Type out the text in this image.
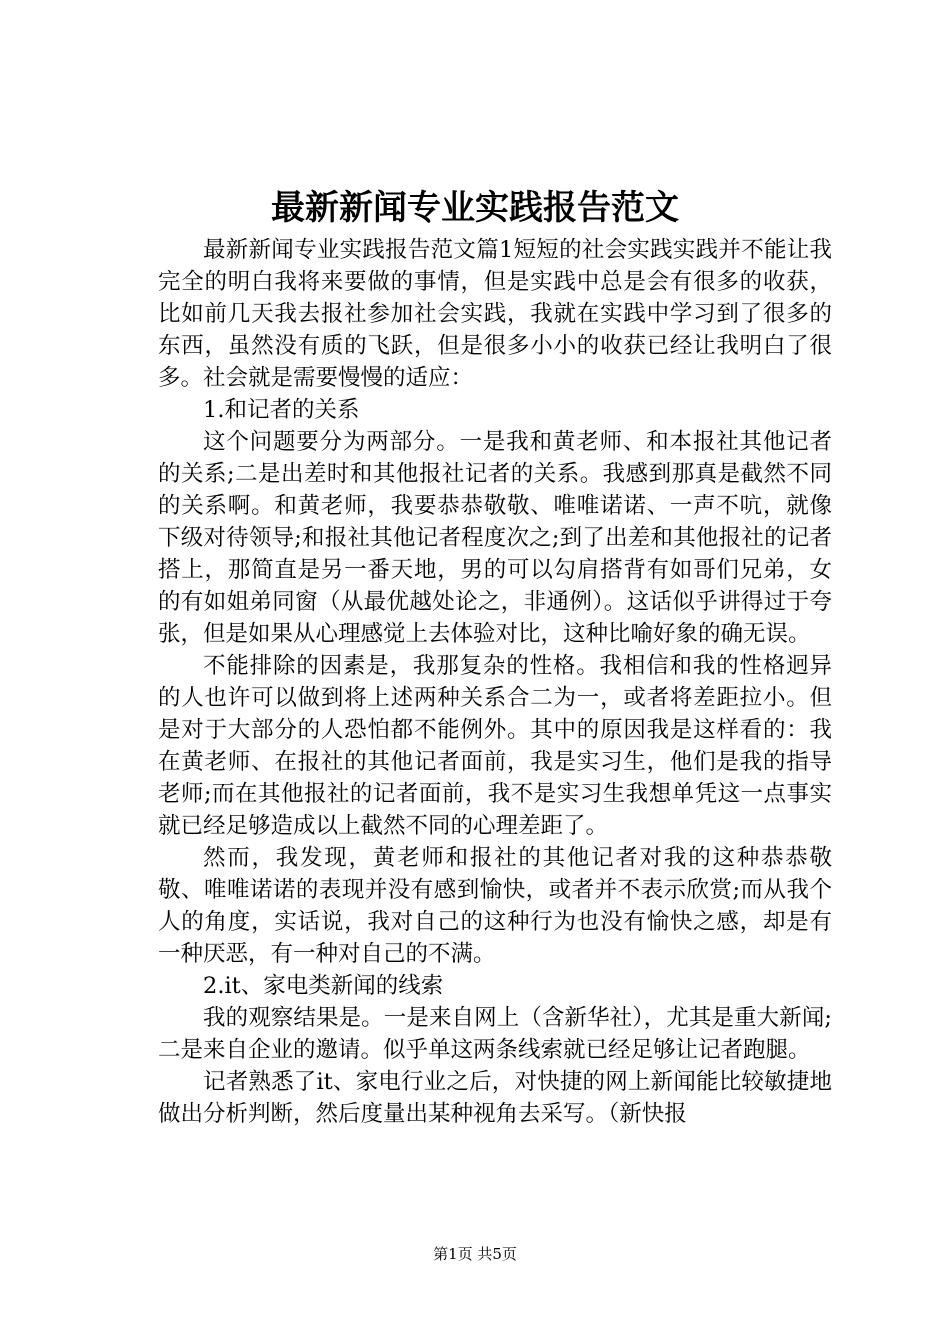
最新新闻专业实践报告范文

最新新闻专业实践报告范文篇1短短的社会实践实践并不能让我完全的明白我将来要做的事情，但是实践中总是会有很多的收获，比如前几天我去报社参加社会实践，我就在实践中学习到了很多的东西，虽然没有质的飞跃，但是很多小小的收获已经让我明白了很多。社会就是需要慢慢的适应：

1.和记者的关系

这个问题要分为两部分。一是我和黄老师、和本报社其他记者的关系;二是出差时和其他报社记者的关系。我感到那真是截然不同的关系啊。和黄老师，我要恭恭敬敬、唯唯诺诺、一声不吭，就像下级对待领导;和报社其他记者程度次之;到了出差和其他报社的记者搭上，那简直是另一番天地，男的可以勾肩搭背有如哥们兄弟，女的有如姐弟同窗（从最优越处论之，非通例）。这话似乎讲得过于夸张，但是如果从心理感觉上去体验对比，这种比喻好象的确无误。

不能排除的因素是，我那复杂的性格。我相信和我的性格迥异的人也许可以做到将上述两种关系合二为一，或者将差距拉小。但是对于大部分的人恐怕都不能例外。其中的原因我是这样看的：我在黄老师、在报社的其他记者面前，我是实习生，他们是我的指导老师;而在其他报社的记者面前，我不是实习生我想单凭这一点事实就已经足够造成以上截然不同的心理差距了。

然而，我发现，黄老师和报社的其他记者对我的这种恭恭敬敬、唯唯诺诺的表现并没有感到愉快，或者并不表示欣赏;而从我个人的角度，实话说，我对自己的这种行为也没有愉快之感，却是有一种厌恶，有一种对自己的不满。

2.it、家电类新闻的线索

我的观察结果是。一是来自网上（含新华社），尤其是重大新闻;二是来自企业的邀请。似乎单这两条线索就已经足够让记者跑腿。

记者熟悉了it、家电行业之后，对快捷的网上新闻能比较敏捷地做出分析判断，然后度量出某种视角去采写。（新快报

第1页 共5页
